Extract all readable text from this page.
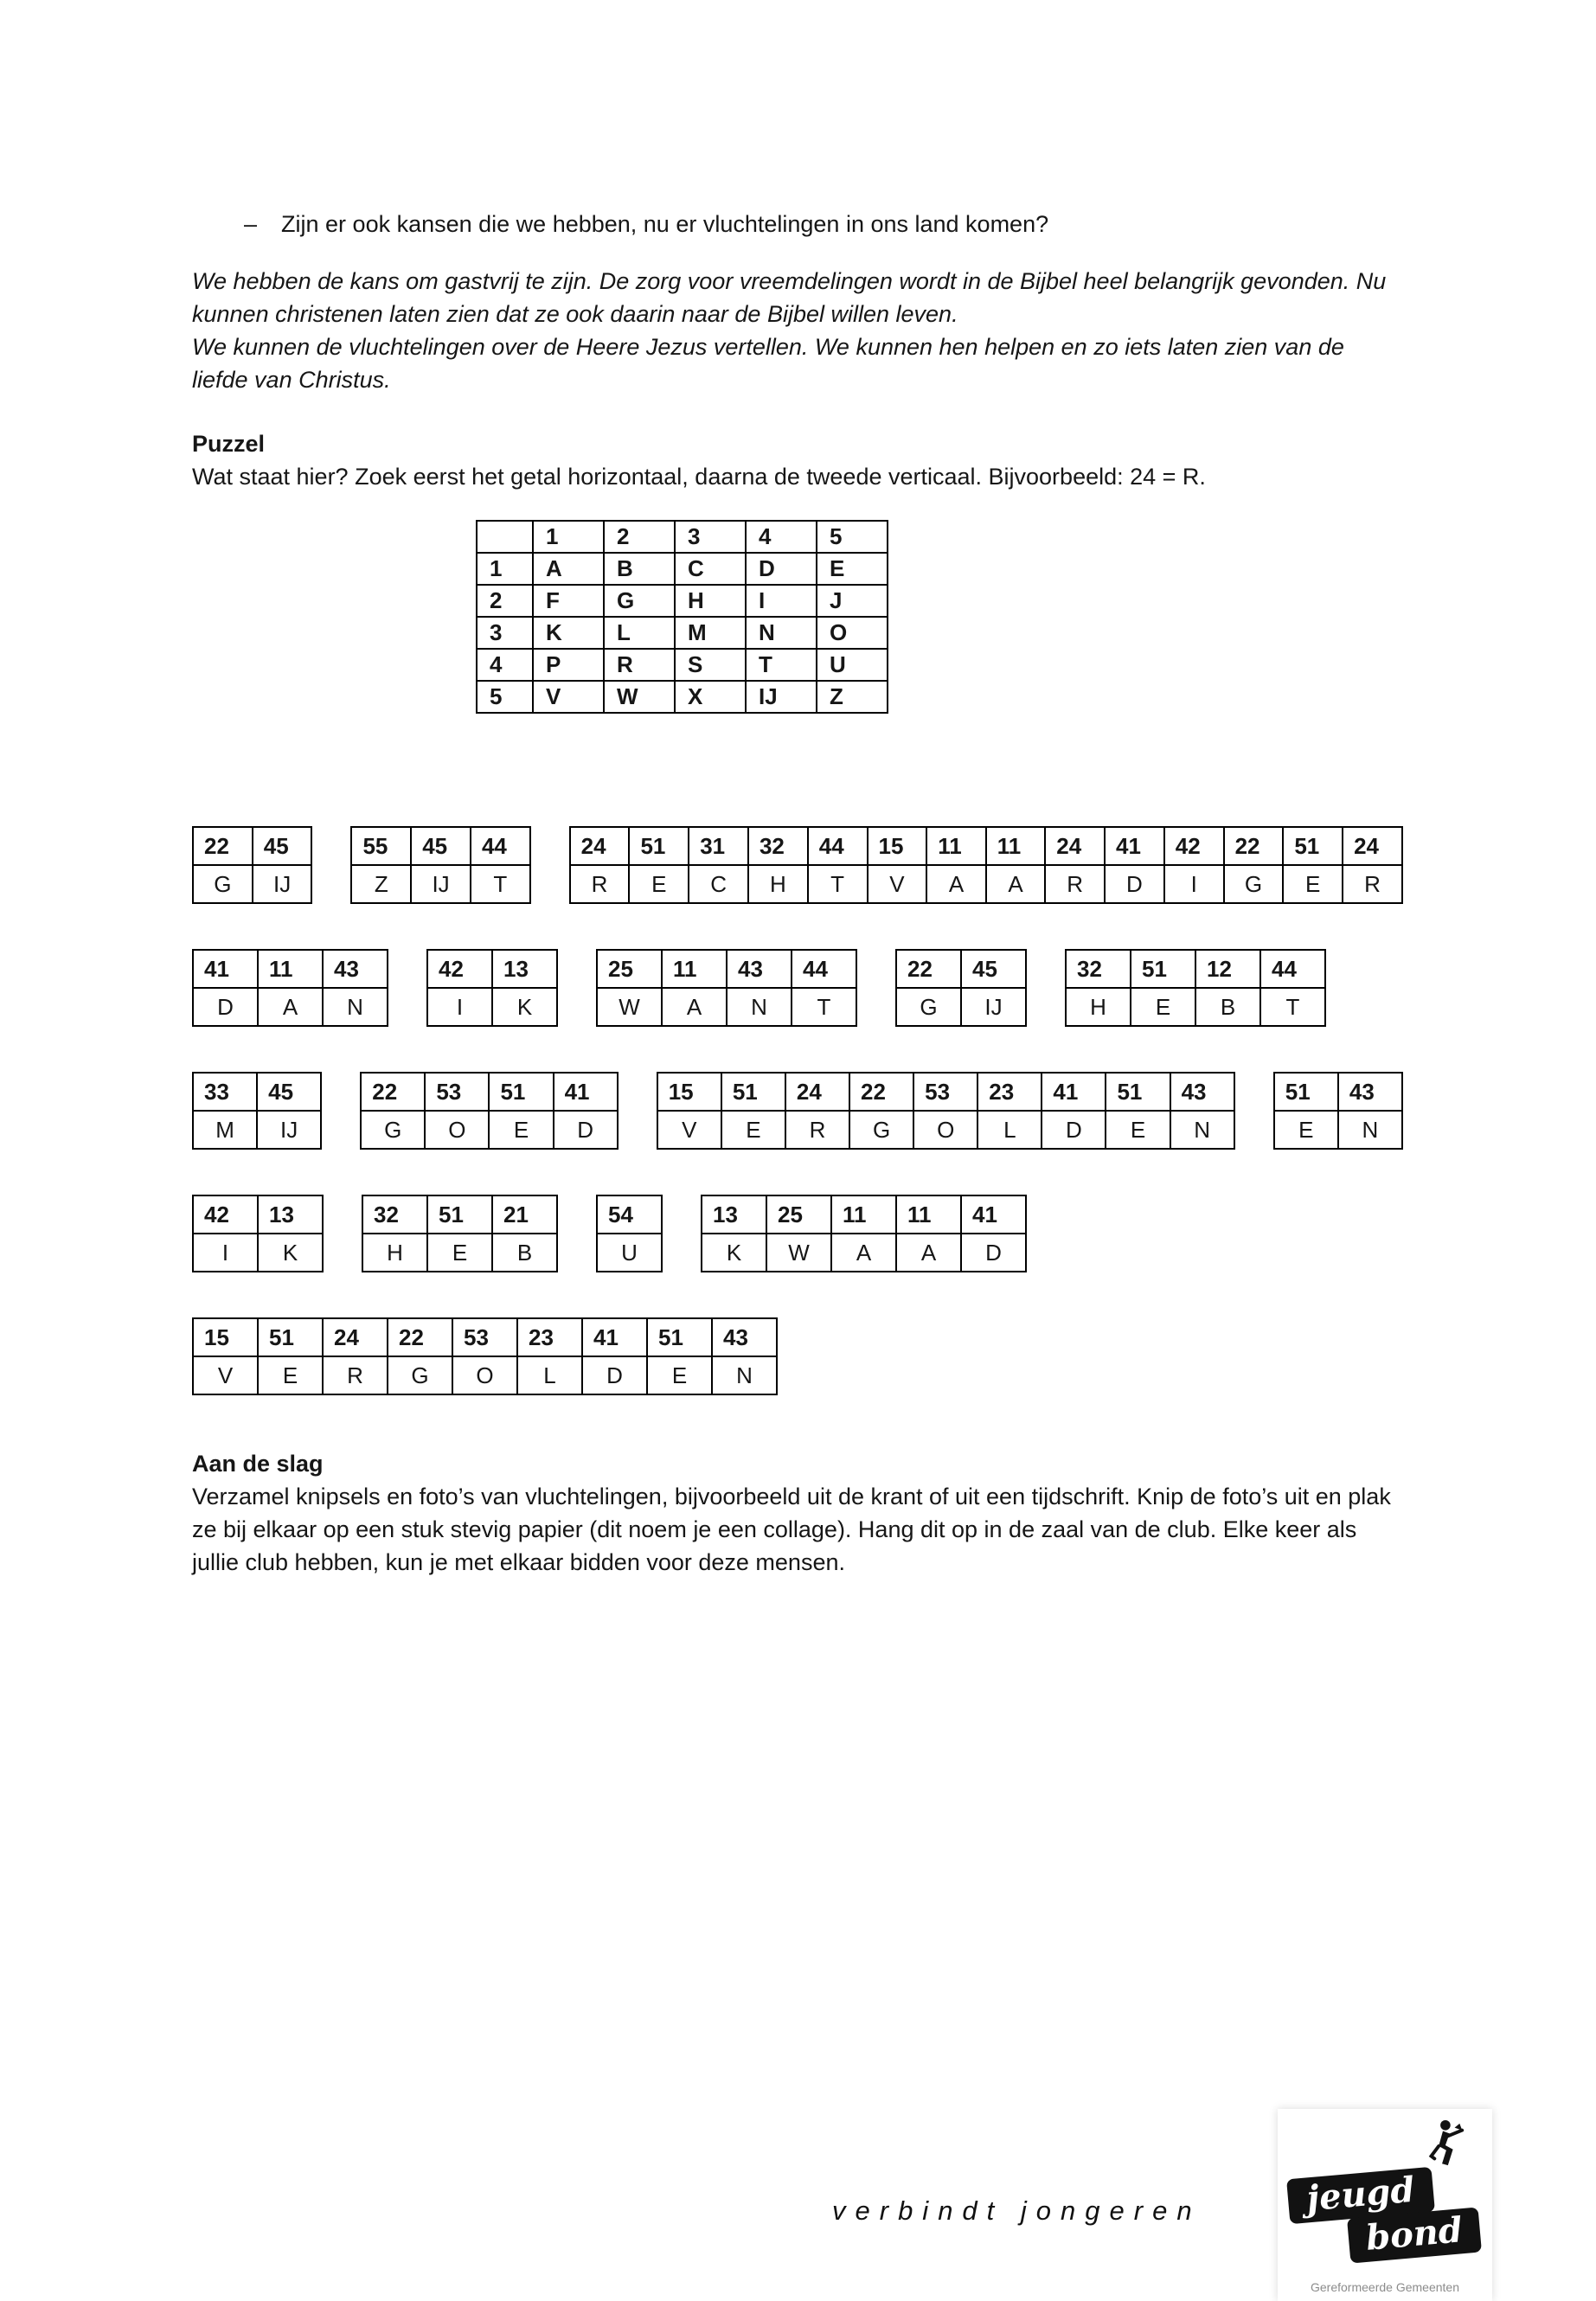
– Zijn er ook kansen die we hebben, nu er vluchtelingen in ons land komen?

We hebben de kans om gastvrij te zijn. De zorg voor vreemdelingen wordt in de Bijbel heel belangrijk gevonden. Nu kunnen christenen laten zien dat ze ook daarin naar de Bijbel willen leven.

We kunnen de vluchtelingen over de Heere Jezus vertellen. We kunnen hen helpen en zo iets laten zien van de liefde van Christus.

Puzzel
Wat staat hier? Zoek eerst het getal horizontaal, daarna de tweede verticaal. Bijvoorbeeld: 24 = R.
	1	2	3	4	5
1	A	B	C	D	E
2	F	G	H	I	J
3	K	L	M	N	O
4	P	R	S	T	U
5	V	W	X	IJ	Z
22	45
G	IJ
55	45	44
Z	IJ	T
24	51	31	32	44	15	11	11	24	41	42	22	51	24
R	E	C	H	T	V	A	A	R	D	I	G	E	R
41	11	43
D	A	N
42	13
I	K
25	11	43	44
W	A	N	T
22	45
G	IJ
32	51	12	44
H	E	B	T
33	45
M	IJ
22	53	51	41
G	O	E	D
15	51	24	22	53	23	41	51	43
V	E	R	G	O	L	D	E	N
51	43
E	N
42	13
I	K
32	51	21
H	E	B
54
U
13	25	11	11	41
K	W	A	A	D
15	51	24	22	53	23	41	51	43
V	E	R	G	O	L	D	E	N
Aan de slag
Verzamel knipsels en foto’s van vluchtelingen, bijvoorbeeld uit de krant of uit een tijdschrift. Knip de foto’s uit en plak ze bij elkaar op een stuk stevig papier (dit noem je een collage). Hang dit op in de zaal van de club. Elke keer als jullie club hebben, kun je met elkaar bidden voor deze mensen.
verbindt jongeren	jeugd
bond
Gereformeerde Gemeenten
